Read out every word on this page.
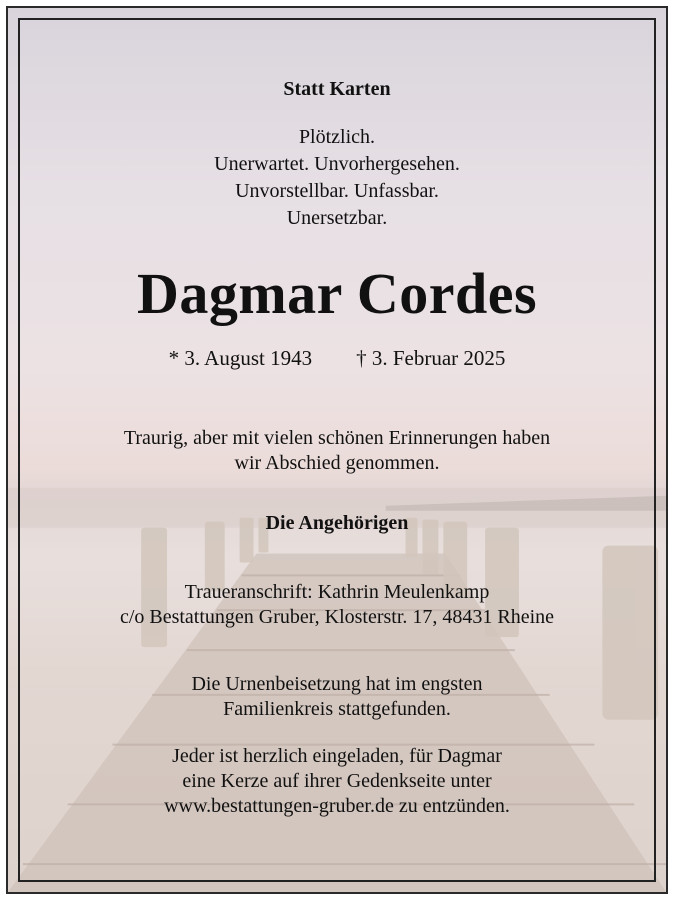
Statt Karten
Plötzlich.
Unerwartet. Unvorhergesehen.
Unvorstellbar. Unfassbar.
Unersetzbar.
Dagmar Cordes
* 3. August 1943 † 3. Februar 2025
Traurig, aber mit vielen schönen Erinnerungen haben
wir Abschied genommen.
Die Angehörigen
Traueranschrift: Kathrin Meulenkamp
c/o Bestattungen Gruber, Klosterstr. 17, 48431 Rheine
Die Urnenbeisetzung hat im engsten
Familienkreis stattgefunden.
Jeder ist herzlich eingeladen, für Dagmar
eine Kerze auf ihrer Gedenkseite unter
www.bestattungen-gruber.de zu entzünden.
